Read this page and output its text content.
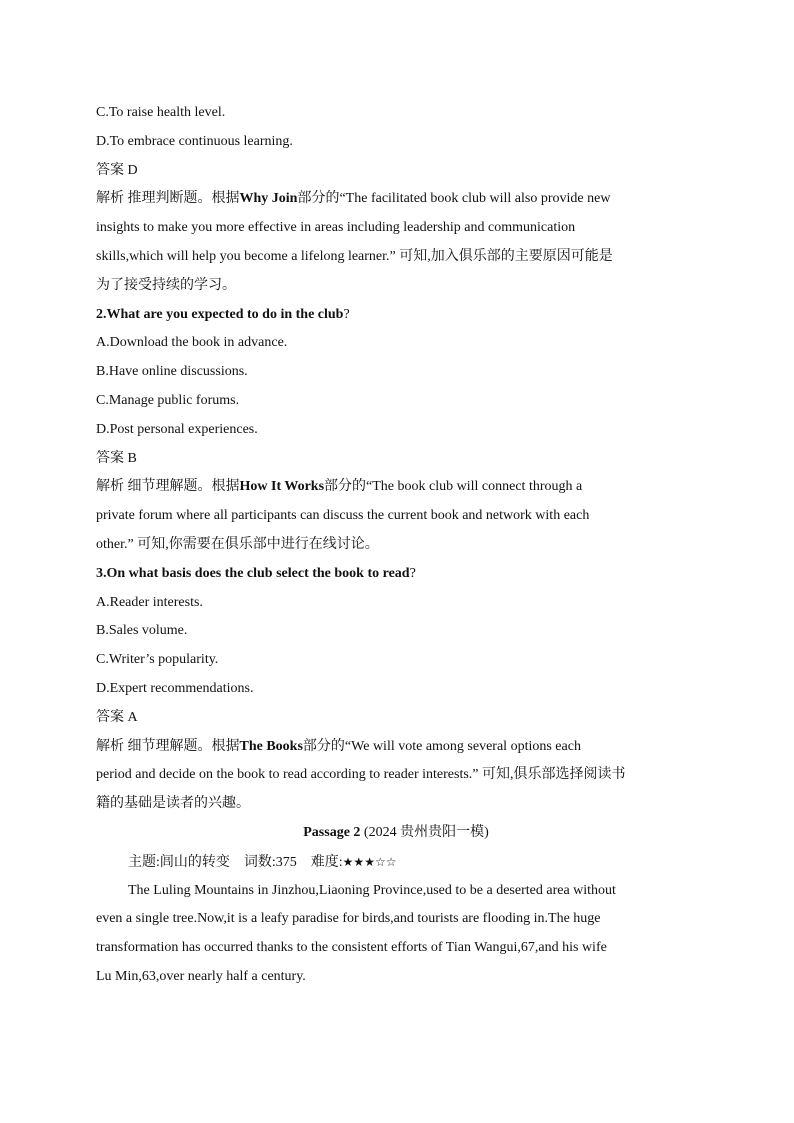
C.To raise health level.
D.To embrace continuous learning.
答案 D
解析 推理判断题。根据Why Join部分的“The facilitated book club will also provide new
insights to make you more effective in areas including leadership and communication
skills,which will help you become a lifelong learner.” 可知,加入俱乐部的主要原因可能是
为了接受持续的学习。
2.What are you expected to do in the club?
A.Download the book in advance.
B.Have online discussions.
C.Manage public forums.
D.Post personal experiences.
答案 B
解析 细节理解题。根据How It Works部分的“The book club will connect through a
private forum where all participants can discuss the current book and network with each
other.” 可知,你需要在俱乐部中进行在线讨论。
3.On what basis does the club select the book to read?
A.Reader interests.
B.Sales volume.
C.Writer’s popularity.
D.Expert recommendations.
答案 A
解析 细节理解题。根据The Books部分的“We will vote among several options each
period and decide on the book to read according to reader interests.” 可知,俱乐部选择阅读书
籍的基础是读者的兴趣。
Passage 2 (2024 贵州贵阳一模)
主题:闾山的转变 词数:375 难度:★★★☆☆
The Luling Mountains in Jinzhou,Liaoning Province,used to be a deserted area without
even a single tree.Now,it is a leafy paradise for birds,and tourists are flooding in.The huge
transformation has occurred thanks to the consistent efforts of Tian Wangui,67,and his wife
Lu Min,63,over nearly half a century.
